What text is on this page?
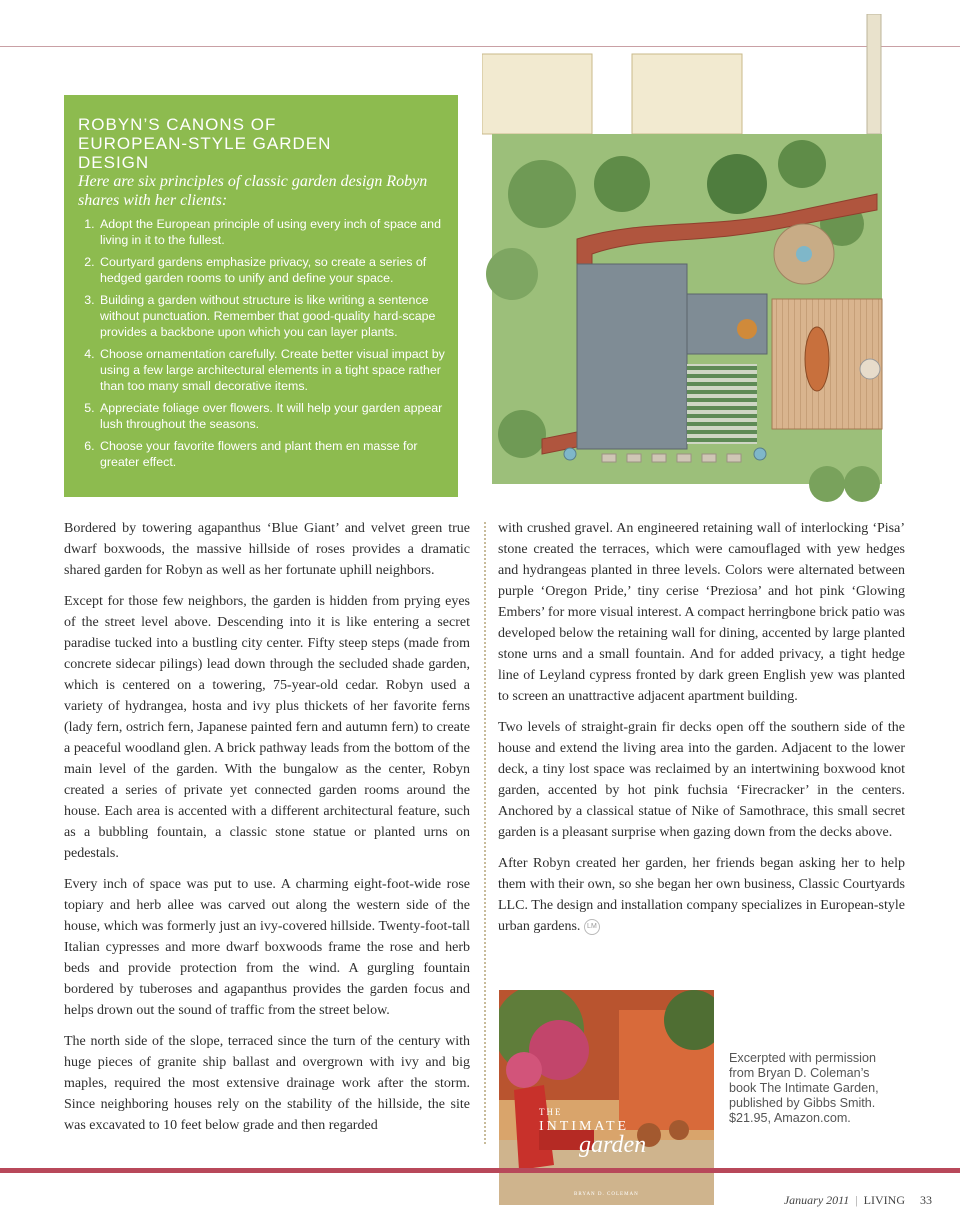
ROBYN’S CANONS OF
EUROPEAN-STYLE GARDEN
DESIGN

Here are six principles of classic garden design Robyn shares with her clients:

1. Adopt the European principle of using every inch of space and living in it to the fullest.
2. Courtyard gardens emphasize privacy, so create a series of hedged garden rooms to unify and define your space.
3. Building a garden without structure is like writing a sentence without punctuation. Remember that good-quality hard-scape provides a backbone upon which you can layer plants.
4. Choose ornamentation carefully. Create better visual impact by using a few large architectural elements in a tight space rather than too many small decorative items.
5. Appreciate foliage over flowers. It will help your garden appear lush throughout the seasons.
6. Choose your favorite flowers and plant them en masse for greater effect.

Bordered by towering agapanthus ‘Blue Giant’ and velvet green true dwarf boxwoods, the massive hillside of roses provides a dramatic shared garden for Robyn as well as her fortunate uphill neighbors.

Except for those few neighbors, the garden is hidden from prying eyes of the street level above. Descending into it is like entering a secret paradise tucked into a bustling city center. Fifty steep steps (made from concrete sidecar pilings) lead down through the secluded shade garden, which is centered on a towering, 75-year-old cedar. Robyn used a variety of hydrangea, hosta and ivy plus thickets of her favorite ferns (lady fern, ostrich fern, Japanese painted fern and autumn fern) to create a peaceful woodland glen. A brick pathway leads from the bottom of the main level of the garden. With the bungalow as the center, Robyn created a series of private yet connected garden rooms around the house. Each area is accented with a different architectural feature, such as a bubbling fountain, a classic stone statue or planted urns on pedestals.

Every inch of space was put to use. A charming eight-foot-wide rose topiary and herb allee was carved out along the western side of the house, which was formerly just an ivy-covered hillside. Twenty-foot-tall Italian cypresses and more dwarf boxwoods frame the rose and herb beds and provide protection from the wind. A gurgling fountain bordered by tuberoses and agapanthus provides the garden focus and helps drown out the sound of traffic from the street below.

The north side of the slope, terraced since the turn of the century with huge pieces of granite ship ballast and overgrown with ivy and big maples, required the most extensive drainage work after the storm. Since neighboring houses rely on the stability of the hillside, the site was excavated to 10 feet below grade and then regarded

with crushed gravel. An engineered retaining wall of interlocking ‘Pisa’ stone created the terraces, which were camouflaged with yew hedges and hydrangeas planted in three levels. Colors were alternated between purple ‘Oregon Pride,’ tiny cerise ‘Preziosa’ and hot pink ‘Glowing Embers’ for more visual interest. A compact herringbone brick patio was developed below the retaining wall for dining, accented by large planted stone urns and a small fountain. And for added privacy, a tight hedge line of Leyland cypress fronted by dark green English yew was planted to screen an unattractive adjacent apartment building.

Two levels of straight-grain fir decks open off the southern side of the house and extend the living area into the garden. Adjacent to the lower deck, a tiny lost space was reclaimed by an intertwining boxwood knot garden, accented by hot pink fuchsia ‘Firecracker’ in the centers. Anchored by a classical statue of Nike of Samothrace, this small secret garden is a pleasant surprise when gazing down from the decks above.

After Robyn created her garden, her friends began asking her to help them with their own, so she began her own business, Classic Courtyards LLC. The design and installation company specializes in European-style urban gardens. LM

THE
INTIMATE
garden
BRYAN D. COLEMAN
Excerpted with permission
from Bryan D. Coleman’s
book The Intimate Garden,
published by Gibbs Smith.
$21.95, Amazon.com.
January 2011 | LIVING 33
